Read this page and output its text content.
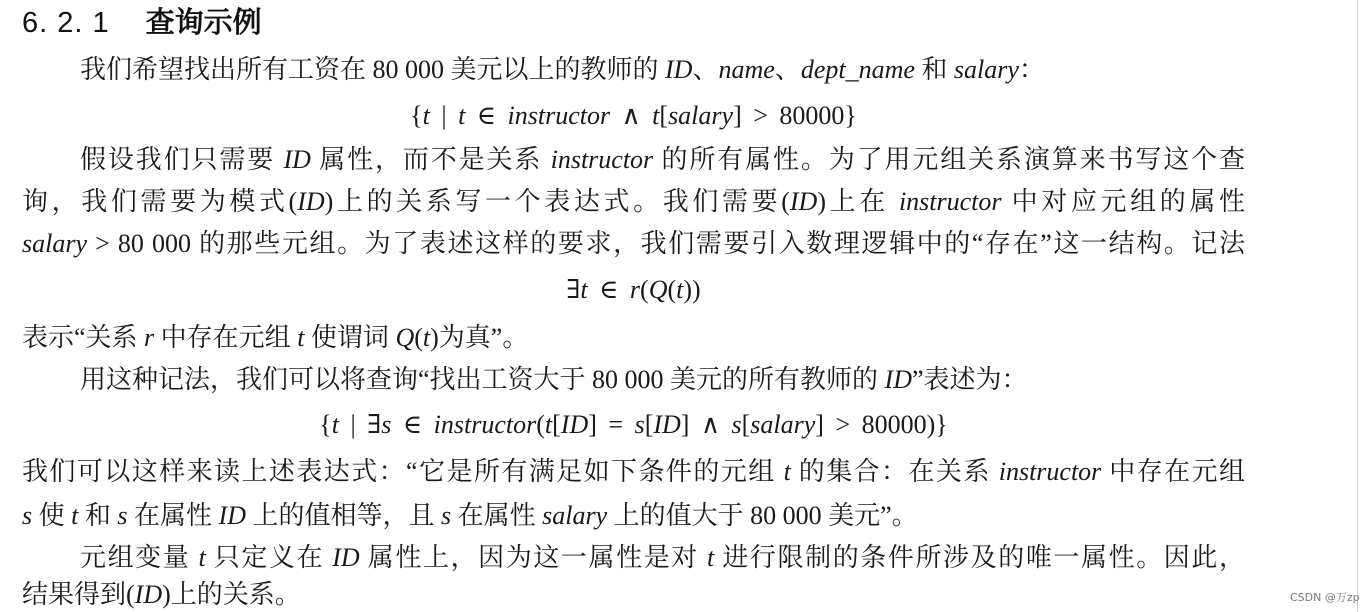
6. 2. 1 查询示例
我们希望找出所有工资在 80 000 美元以上的教师的 ID、name、dept_name 和 salary：
{t | t ∈ instructor ∧ t[salary] > 80000}
假设我们只需要 ID 属性，而不是关系 instructor 的所有属性。为了用元组关系演算来书写这个查
询，我们需要为模式(ID)上的关系写一个表达式。我们需要(ID)上在 instructor 中对应元组的属性
salary > 80 000 的那些元组。为了表述这样的要求，我们需要引入数理逻辑中的“存在”这一结构。记法
∃t ∈ r(Q(t))
表示“关系 r 中存在元组 t 使谓词 Q(t)为真”。
用这种记法，我们可以将查询“找出工资大于 80 000 美元的所有教师的 ID”表述为：
{t | ∃s ∈ instructor(t[ID] = s[ID] ∧ s[salary] > 80000)}
我们可以这样来读上述表达式：“它是所有满足如下条件的元组 t 的集合：在关系 instructor 中存在元组
s 使 t 和 s 在属性 ID 上的值相等，且 s 在属性 salary 上的值大于 80 000 美元”。
元组变量 t 只定义在 ID 属性上，因为这一属性是对 t 进行限制的条件所涉及的唯一属性。因此，
结果得到(ID)上的关系。	CSDN @万zp
